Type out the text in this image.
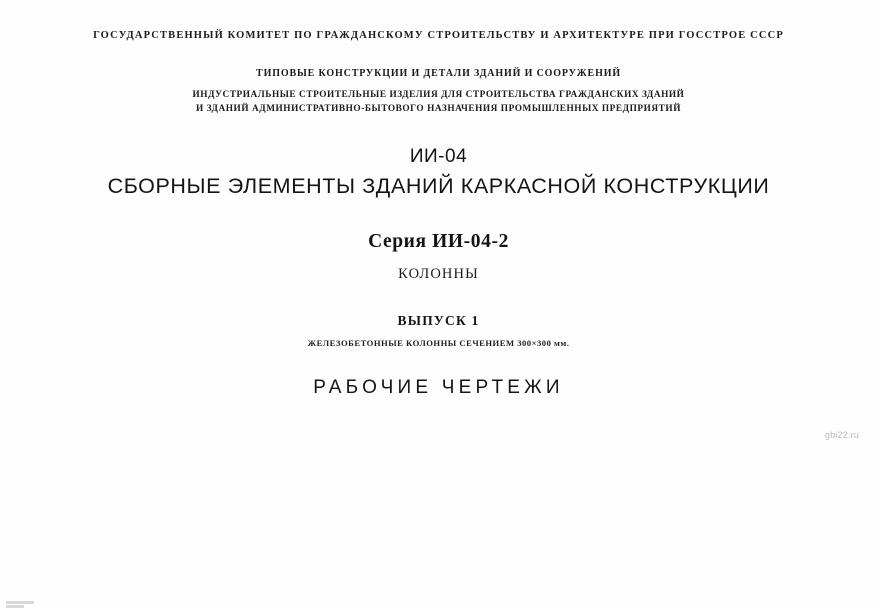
ГОСУДАРСТВЕННЫЙ КОМИТЕТ ПО ГРАЖДАНСКОМУ СТРОИТЕЛЬСТВУ И АРХИТЕКТУРЕ ПРИ ГОССТРОЕ СССР
ТИПОВЫЕ КОНСТРУКЦИИ И ДЕТАЛИ ЗДАНИЙ И СООРУЖЕНИЙ
ИНДУСТРИАЛЬНЫЕ СТРОИТЕЛЬНЫЕ ИЗДЕЛИЯ ДЛЯ СТРОИТЕЛЬСТВА ГРАЖДАНСКИХ ЗДАНИЙ
И ЗДАНИЙ АДМИНИСТРАТИВНО-БЫТОВОГО НАЗНАЧЕНИЯ ПРОМЫШЛЕННЫХ ПРЕДПРИЯТИЙ
ИИ-04
СБОРНЫЕ ЭЛЕМЕНТЫ ЗДАНИЙ КАРКАСНОЙ КОНСТРУКЦИИ
Серия ИИ-04-2
КОЛОННЫ
ВЫПУСК 1
ЖЕЛЕЗОБЕТОННЫЕ КОЛОННЫ СЕЧЕНИЕМ 300×300 мм.
РАБОЧИЕ ЧЕРТЕЖИ
gbi22.ru
